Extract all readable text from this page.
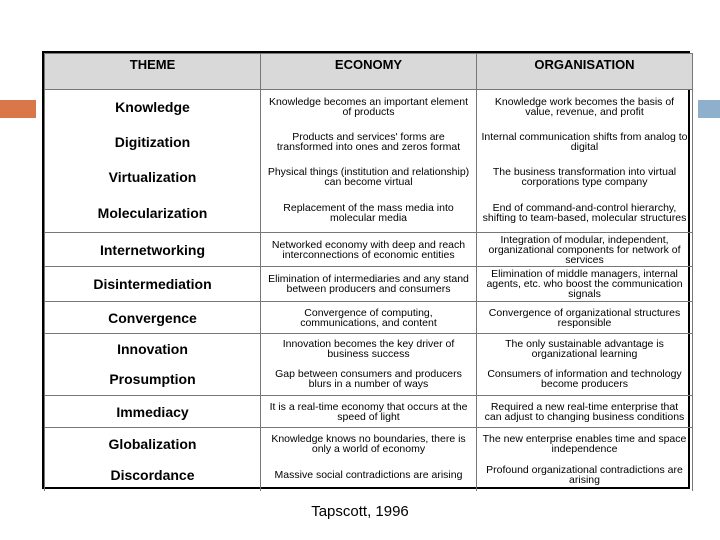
THEME	ECONOMY	ORGANISATION
Knowledge	Knowledge becomes an important element of products	Knowledge work becomes the basis of value, revenue, and profit
Digitization	Products and services' forms are transformed into ones and zeros format	Internal communication shifts from analog to digital
Virtualization	Physical things (institution and relationship) can become virtual	The business transformation into virtual corporations type company
Molecularization	Replacement of the mass media into molecular media	End of command-and-control hierarchy, shifting to team-based, molecular structures
Internetworking	Networked economy with deep and reach interconnections of economic entities	Integration of modular, independent, organizational components for network of services
Disintermediation	Elimination of intermediaries and any stand between producers and consumers	Elimination of middle managers, internal agents, etc. who boost the communication signals
Convergence	Convergence of computing, communications, and content	Convergence of organizational structures responsible
Innovation	Innovation becomes the key driver of business success	The only sustainable advantage is organizational learning
Prosumption	Gap between consumers and producers blurs in a number of ways	Consumers of information and technology become producers
Immediacy	It is a real-time economy that occurs at the speed of light	Required a new real-time enterprise that can adjust to changing business conditions
Globalization	Knowledge knows no boundaries, there is only a world of economy	The new enterprise enables time and space independence
Discordance	Massive social contradictions are arising	Profound organizational contradictions are arising
Tapscott, 1996
